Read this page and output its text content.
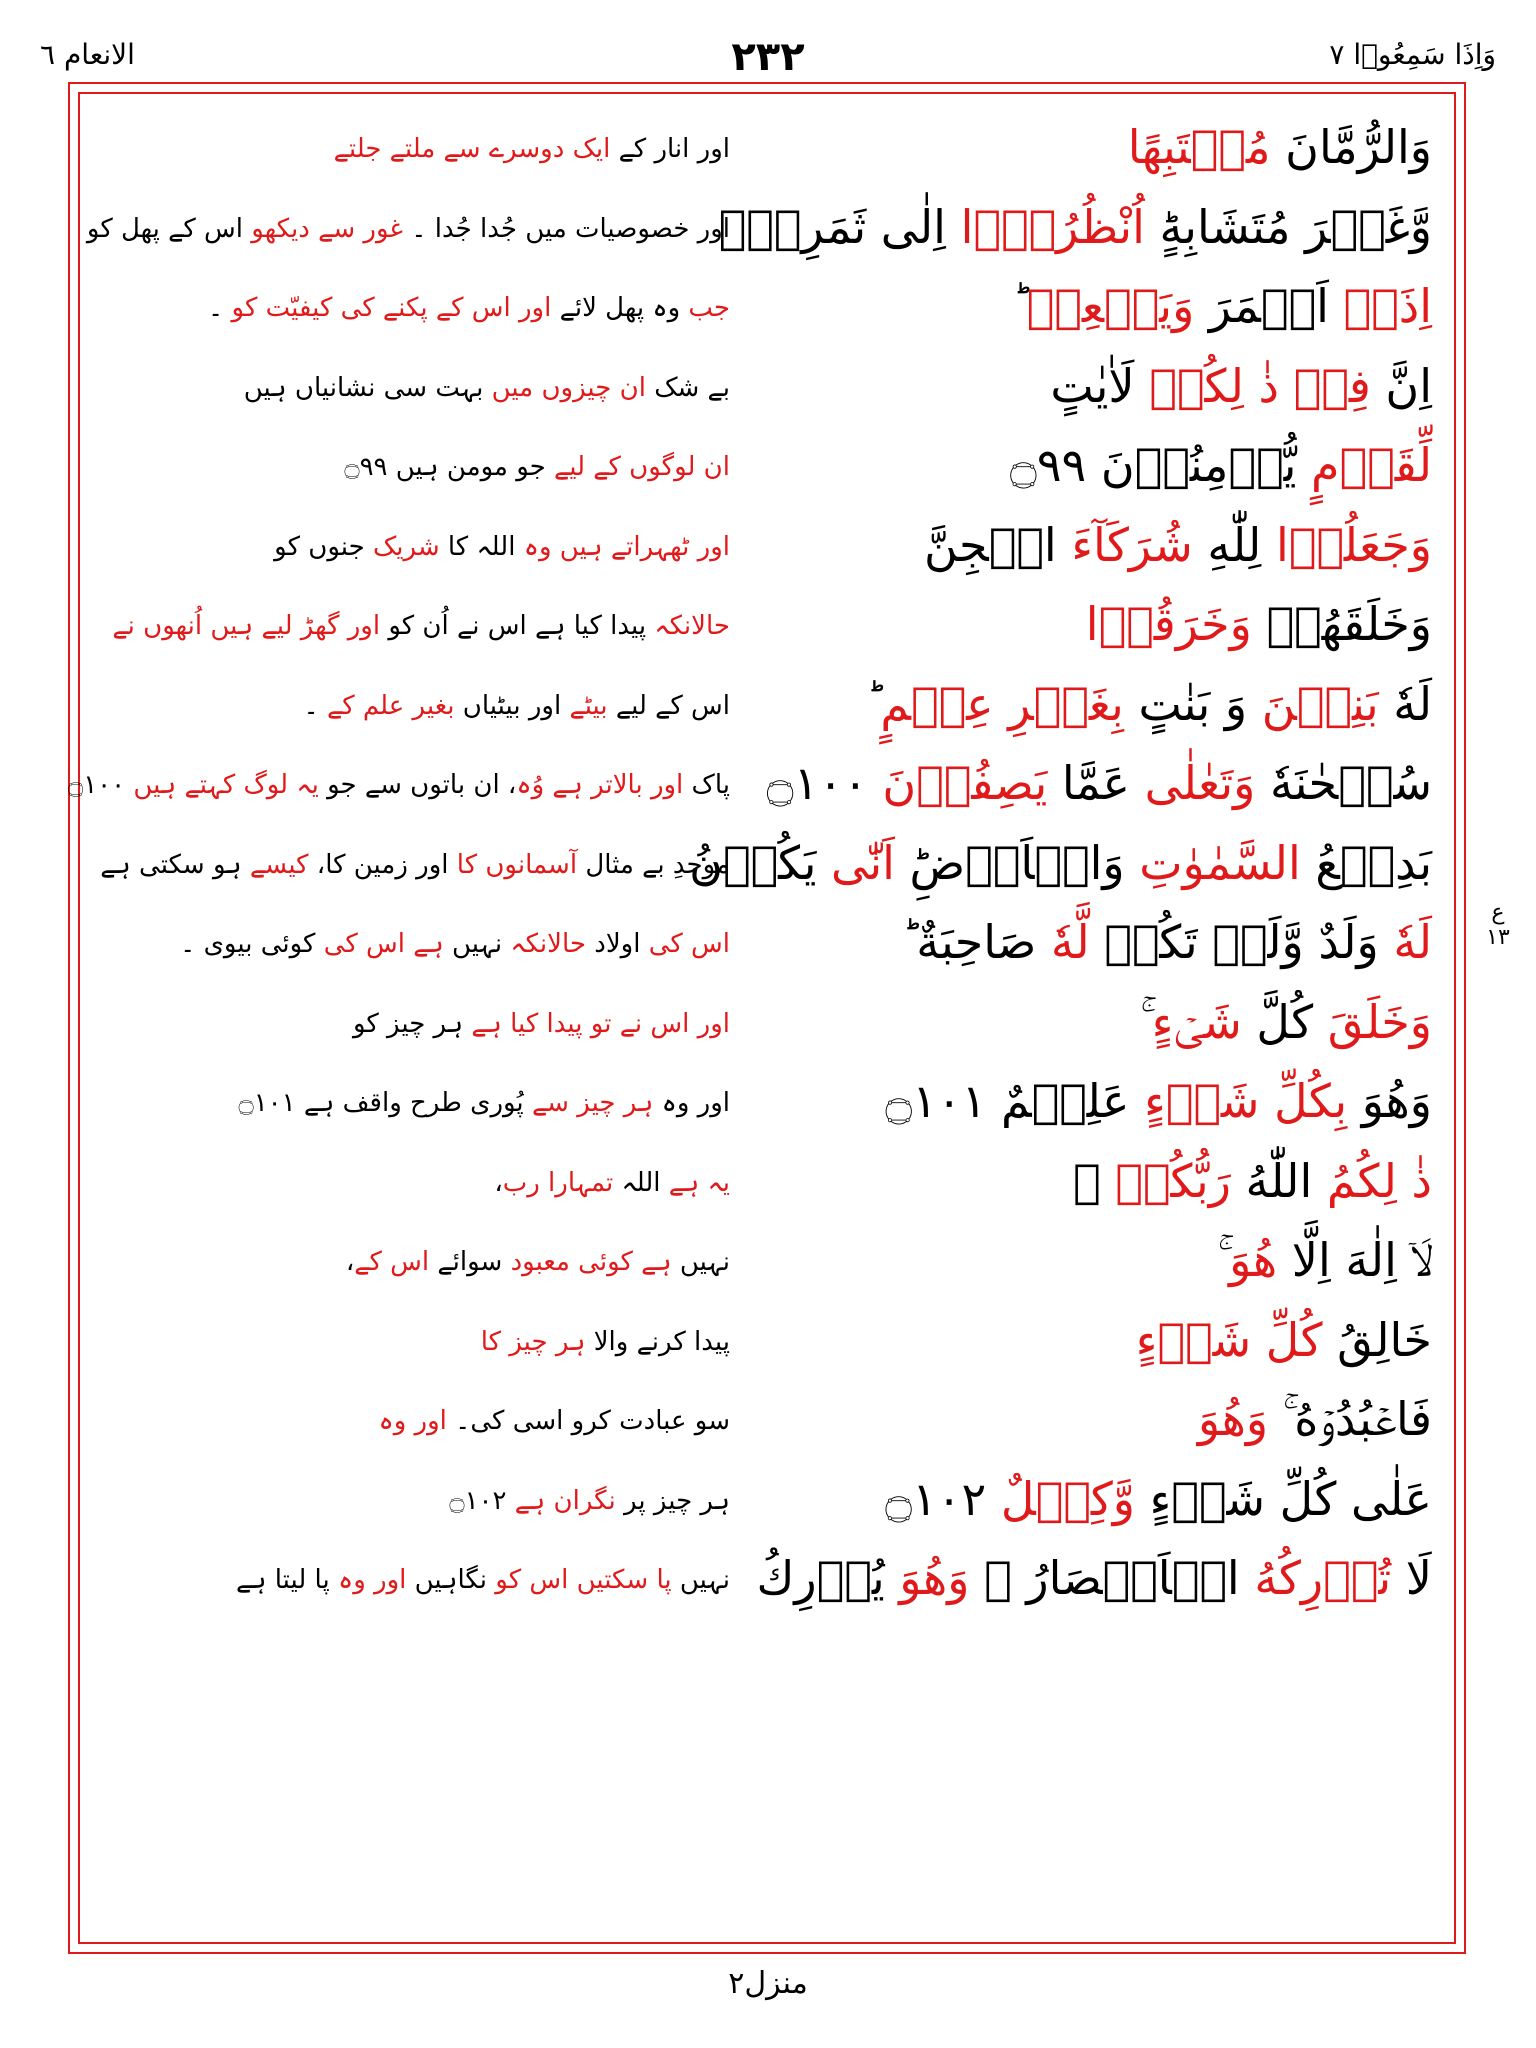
الانعام ٦	۲۳۲	وَاِذَا سَمِعُوۡا ۷
وَالرُّمَّانَ مُشۡتَبِهًا
اور انار کے ایک دوسرے سے ملتے جلتے
وَّغَيۡرَ مُتَشَابِهٍ‌ؕ اُنْظُرُوۡۤا اِلٰى ثَمَرِهٖۤ
اور خصوصیات میں جُدا جُدا ۔ غور سے دیکھو اس کے پھل کو
اِذَاۤ اَثۡمَرَ وَيَنۡعِهٖ ؕ
جب وہ پھل لائے اور اس کے پکنے کی کیفیّت کو ۔
اِنَّ فِىۡ ذٰ لِكُمۡ لَاٰيٰتٍ
بے شک ان چیزوں میں بہت سی نشانیاں ہیں
لِّقَوۡمٍ يُّؤۡمِنُوۡنَ ۝٩٩
ان لوگوں کے لیے جو مومن ہیں ۝٩٩
وَجَعَلُوۡا لِلّٰهِ شُرَكَآءَ الۡجِنَّ
اور ٹھہراتے ہیں وہ اللہ کا شریک جنوں کو
وَخَلَقَهُمۡ وَخَرَقُوۡا
حالانکہ پیدا کیا ہے اس نے اُن کو اور گھڑ لیے ہیں اُنھوں نے
لَهٗ بَنِيۡنَ وَ بَنٰتٍ بِغَيۡرِ عِلۡمٍ‌ ؕ
اس کے لیے بیٹے اور بیٹیاں بغیر علم کے ۔
سُبۡحٰنَهٗ وَتَعٰلٰى عَمَّا يَصِفُوۡنَ ۝١٠٠
پاک اور بالاتر ہے وُہ، ان باتوں سے جو یہ لوگ کہتے ہیں ۝١٠٠
بَدِيۡعُ السَّمٰوٰتِ وَالۡاَرۡضِ‌ؕ اَنّٰى يَكُوۡنُ
موجدِ بے مثال آسمانوں کا اور زمین کا، کیسے ہو سکتی ہے
لَهٗ وَلَدٌ وَّلَمۡ تَكُنۡ لَّهٗ صَاحِبَةٌ‌ ؕ
اس کی اولاد حالانکہ نہیں ہے اس کی کوئی بیوی ۔
وَخَلَقَ كُلَّ شَىۡءٍ ۚ
اور اس نے تو پیدا کیا ہے ہر چیز کو
وَهُوَ بِكُلِّ شَىۡءٍ عَلِيۡمٌ ۝١٠١
اور وہ ہر چیز سے پُوری طرح واقف ہے ۝١٠١
ذٰ لِكُمُ اللّٰهُ رَبُّكُمۡ ۚ
یہ ہے اللہ تمہارا رب،
لَاۤ اِلٰهَ اِلَّا هُوَ ۚ
نہیں ہے کوئی معبود سوائے اس کے،
خَالِقُ كُلِّ شَىۡءٍ
پیدا کرنے والا ہر چیز کا
فَاعۡبُدُوۡهُ ۚ وَهُوَ
سو عبادت کرو اسی کی۔ اور وہ
عَلٰى كُلِّ شَىۡءٍ وَّكِيۡلٌ ۝١٠٢
ہر چیز پر نگران ہے ۝١٠٢
لَا تُدۡرِكُهُ الۡاَبۡصَارُ ۡ وَهُوَ يُدۡرِكُ
نہیں پا سکتیں اس کو نگاہیں اور وہ پا لیتا ہے
ع ۱۳
منزل۲
